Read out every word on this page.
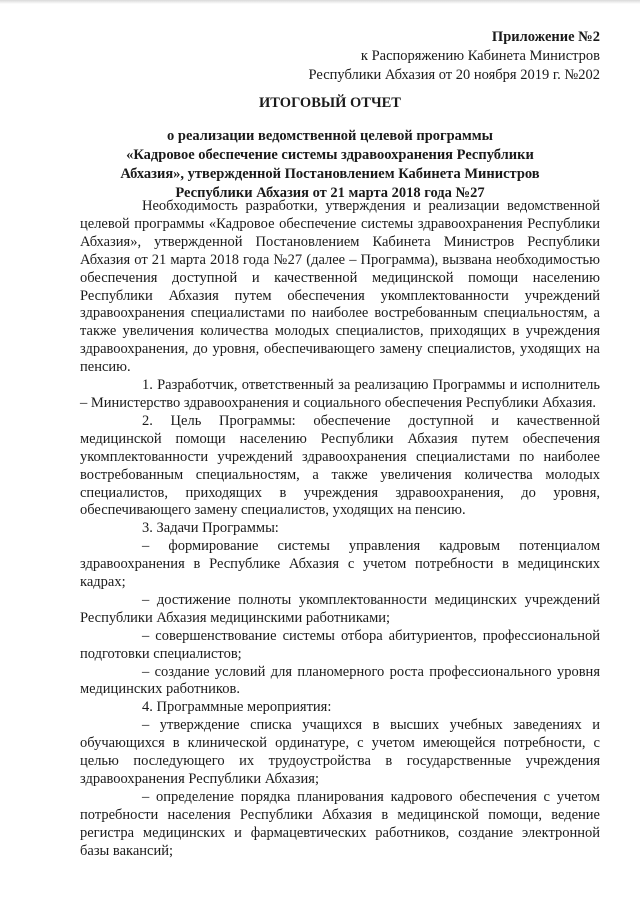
Приложение №2
к Распоряжению Кабинета Министров
Республики Абхазия от 20 ноября 2019 г. №202
ИТОГОВЫЙ ОТЧЕТ
о реализации ведомственной целевой программы
«Кадровое обеспечение системы здравоохранения Республики
Абхазия», утвержденной Постановлением Кабинета Министров
Республики Абхазия от 21 марта 2018 года №27

Необходимость разработки, утверждения и реализации ведомственной целевой программы «Кадровое обеспечение системы здравоохранения Республики Абхазия», утвержденной Постановлением Кабинета Министров Республики Абхазия от 21 марта 2018 года №27 (далее – Программа), вызвана необходимостью обеспечения доступной и качественной медицинской помощи населению Республики Абхазия путем обеспечения укомплектованности учреждений здравоохранения специалистами по наиболее востребованным специальностям, а также увеличения количества молодых специалистов, приходящих в учреждения здравоохранения, до уровня, обеспечивающего замену специалистов, уходящих на пенсию.

1. Разработчик, ответственный за реализацию Программы и исполнитель – Министерство здравоохранения и социального обеспечения Республики Абхазия.

2. Цель Программы: обеспечение доступной и качественной медицинской помощи населению Республики Абхазия путем обеспечения укомплектованности учреждений здравоохранения специалистами по наиболее востребованным специальностям, а также увеличения количества молодых специалистов, приходящих в учреждения здравоохранения, до уровня, обеспечивающего замену специалистов, уходящих на пенсию.

3. Задачи Программы:

– формирование системы управления кадровым потенциалом здравоохранения в Республике Абхазия с учетом потребности в медицинских кадрах;

– достижение полноты укомплектованности медицинских учреждений Республики Абхазия медицинскими работниками;

– совершенствование системы отбора абитуриентов, профессиональной подготовки специалистов;

– создание условий для планомерного роста профессионального уровня медицинских работников.

4. Программные мероприятия:

– утверждение списка учащихся в высших учебных заведениях и обучающихся в клинической ординатуре, с учетом имеющейся потребности, с целью последующего их трудоустройства в государственные учреждения здравоохранения Республики Абхазия;

– определение порядка планирования кадрового обеспечения с учетом потребности населения Республики Абхазия в медицинской помощи, ведение регистра медицинских и фармацевтических работников, создание электронной базы вакансий;
